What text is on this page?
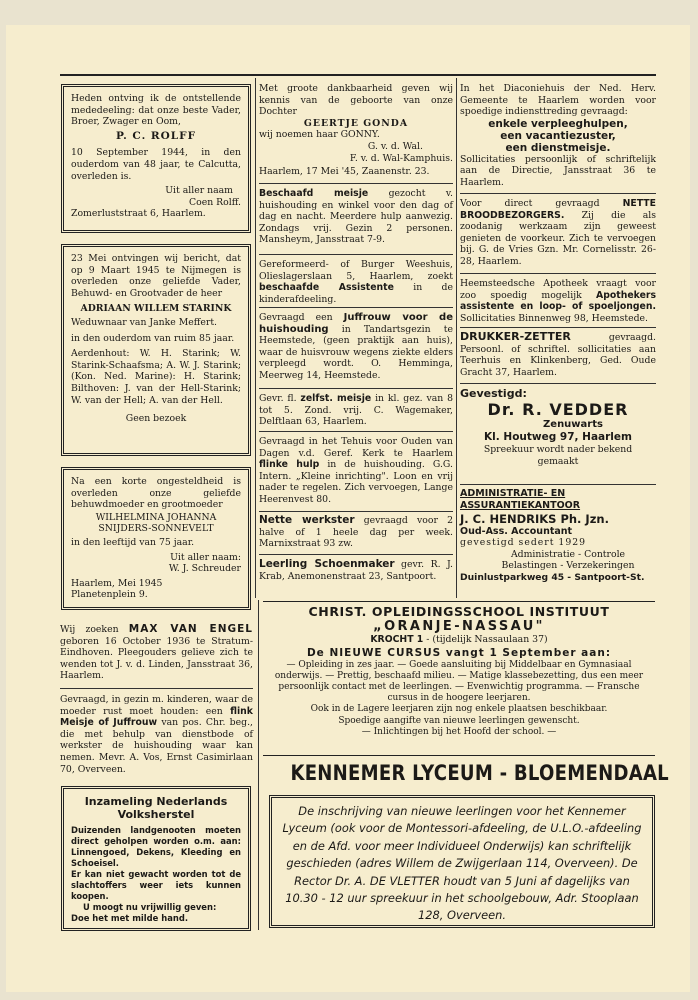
Heden ontving ik de ontstellende mededeeling: dat onze beste Vader, Broer, Zwager en Oom,

P. C. ROLFF

10 September 1944, in den ouderdom van 48 jaar, te Calcutta, overleden is.

Uit aller naam

Coen Rolff.

Zomerluststraat 6, Haarlem.

23 Mei ontvingen wij bericht, dat op 9 Maart 1945 te Nijmegen is overleden onze geliefde Vader, Behuwd- en Grootvader de heer

ADRIAAN WILLEM STARINK

Weduwnaar van Janke Meffert.

in den ouderdom van ruim 85 jaar.

Aerdenhout: W. H. Starink; W. Starink-Schaafsma; A. W. J. Starink; (Kon. Ned. Marine): H. Starink; Bilthoven: J. van der Hell-Starink; W. van der Hell; A. van der Hell.

Geen bezoek

Na een korte ongesteldheid is overleden onze geliefde behuwdmoeder en grootmoeder

WILHELMINA JOHANNA

SNIJDERS-SONNEVELT

in den leeftijd van 75 jaar.

Uit aller naam:

W. J. Schreuder

Haarlem, Mei 1945

Planetenplein 9.

Wij zoeken MAX VAN ENGEL geboren 16 October 1936 te Stratum-Eindhoven. Pleegouders gelieve zich te wenden tot J. v. d. Linden, Jansstraat 36, Haarlem.

Gevraagd, in gezin m. kinderen, waar de moeder rust moet houden: een flink Meisje of Juffrouw van pos. Chr. beg., die met behulp van dienstbode of werkster de huishouding waar kan nemen. Mevr. A. Vos, Ernst Casimirlaan 70, Overveen.

Inzameling Nederlands

Volksherstel

Duizenden landgenooten moeten direct geholpen worden o.m. aan: Linnengoed, Dekens, Kleeding en Schoeisel.

Er kan niet gewacht worden tot de slachtoffers weer iets kunnen koopen.

U moogt nu vrijwillig geven:

Doe het met milde hand.

Met groote dankbaarheid geven wij kennis van de geboorte van onze Dochter

GEERTJE GONDA

wij noemen haar GONNY.

G. v. d. Wal.

F. v. d. Wal-Kamphuis.

Haarlem, 17 Mei '45, Zaanenstr. 23.

Beschaafd meisje gezocht v. huishouding en winkel voor den dag of dag en nacht. Meerdere hulp aanwezig. Zondags vrij. Gezin 2 personen. Mansheym, Jansstraat 7-9.

Gereformeerd- of Burger Weeshuis, Olieslagerslaan 5, Haarlem, zoekt beschaafde Assistente in de kinderafdeeling.

Gevraagd een Juffrouw voor de huishouding in Tandartsgezin te Heemstede, (geen praktijk aan huis), waar de huisvrouw wegens ziekte elders verpleegd wordt. O. Hemminga, Meerweg 14, Heemstede.

Gevr. fl. zelfst. meisje in kl. gez. van 8 tot 5. Zond. vrij. C. Wagemaker, Delftlaan 63, Haarlem.

Gevraagd in het Tehuis voor Ouden van Dagen v.d. Geref. Kerk te Haarlem flinke hulp in de huishouding. G.G. Intern. „Kleine inrichting". Loon en vrij nader te regelen. Zich vervoegen, Lange Heerenvest 80.

Nette werkster gevraagd voor 2 halve of 1 heele dag per week. Marnixstraat 93 zw.

Leerling Schoenmaker gevr. R. J. Krab, Anemonenstraat 23, Santpoort.

In het Diaconiehuis der Ned. Herv. Gemeente te Haarlem worden voor spoedige indiensttreding gevraagd:

enkele verpleeghulpen,

een vacantiezuster,

een dienstmeisje.

Sollicitaties persoonlijk of schriftelijk aan de Directie, Jansstraat 36 te Haarlem.

Voor direct gevraagd NETTE BROODBEZORGERS. Zij die als zoodanig werkzaam zijn geweest genieten de voorkeur. Zich te vervoegen bij. G. de Vries Gzn. Mr. Cornelisstr. 26-28, Haarlem.

Heemsteedsche Apotheek vraagt voor zoo spoedig mogelijk Apothekers assistente en loop- of spoeljongen. Sollicitaties Binnenweg 98, Heemstede.

DRUKKER-ZETTER	gevraagd. Persoonl. of schriftel. sollicitaties aan Teerhuis en Klinkenberg, Ged. Oude Gracht 37, Haarlem.

Gevestigd:

Dr. R. VEDDER

Zenuwarts

Kl. Houtweg 97, Haarlem

Spreekuur wordt nader bekend gemaakt

ADMINISTRATIE- EN ASSURANTIEKANTOOR

J. C. HENDRIKS Ph. Jzn.

Oud-Ass. Accountant

gevestigd sedert 1929

Administratie - Controle

Belastingen - Verzekeringen

Duinlustparkweg 45 - Santpoort-St.

CHRIST. OPLEIDINGSSCHOOL INSTITUUT

„ORANJE-NASSAU"

KROCHT 1 - (tijdelijk Nassaulaan 37)

De NIEUWE CURSUS vangt 1 September aan:

— Opleiding in zes jaar. — Goede aansluiting bij Middelbaar en Gymnasiaal onderwijs. — Prettig, beschaafd milieu. — Matige klassebezetting, dus een meer persoonlijk contact met de leerlingen. — Evenwichtig programma. — Fransche cursus in de hoogere leerjaren.

Ook in de Lagere leerjaren zijn nog enkele plaatsen beschikbaar.

Spoedige aangifte van nieuwe leerlingen gewenscht.

— Inlichtingen bij het Hoofd der school. —

KENNEMER LYCEUM - BLOEMENDAAL

De inschrijving van nieuwe leerlingen voor het Kennemer Lyceum (ook voor de Montessori-afdeeling, de U.L.O.-afdeeling en de Afd. voor meer Individueel Onderwijs) kan schriftelijk geschieden (adres Willem de Zwijgerlaan 114, Overveen). De Rector Dr. A. DE VLETTER houdt van 5 Juni af dagelijks van 10.30 - 12 uur spreekuur in het schoolgebouw, Adr. Stooplaan 128, Overveen.
